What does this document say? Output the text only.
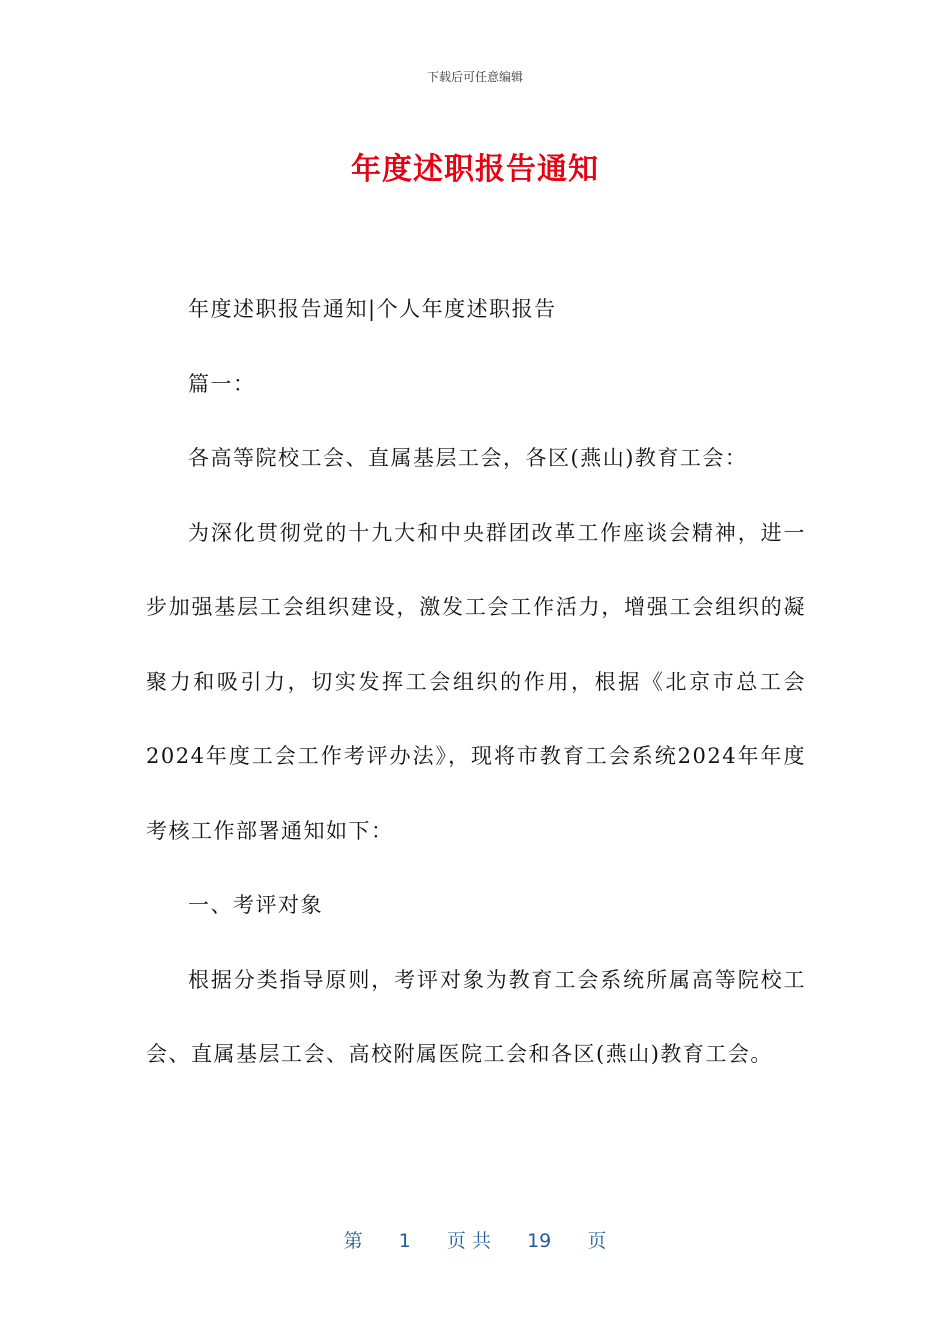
下载后可任意编辑
年度述职报告通知

年度述职报告通知|个人年度述职报告

篇一：

各高等院校工会、直属基层工会，各区(燕山)教育工会：

为深化贯彻党的十九大和中央群团改革工作座谈会精神，进一步加强基层工会组织建设，激发工会工作活力，增强工会组织的凝聚力和吸引力，切实发挥工会组织的作用，根据《北京市总工会2024年度工会工作考评办法》，现将市教育工会系统2024年年度考核工作部署通知如下：

一、考评对象

根据分类指导原则，考评对象为教育工会系统所属高等院校工会、直属基层工会、高校附属医院工会和各区(燕山)教育工会。

第 1 页 共 19 页
